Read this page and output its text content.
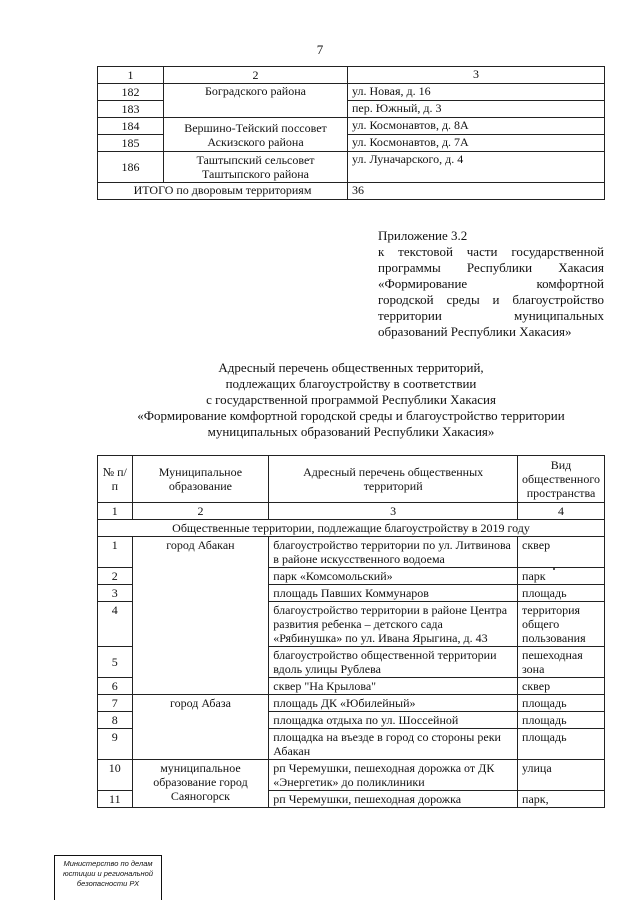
7
1	2	3
182	Боградского района	ул. Новая, д. 16
183		пер. Южный, д. 3
184	Вершино-Тейский поссовет Аскизского района	ул. Космонавтов, д. 8А
185		ул. Космонавтов, д. 7А
186	Таштыпский сельсовет Таштыпского района	ул. Луначарского, д. 4
ИТОГО по дворовым территориям		36
Приложение 3.2
к текстовой части государственной
программы Республики Хакасия
«Формирование комфортной
городской среды и благоустройство
территории муниципальных
образований Республики Хакасия»
Адресный перечень общественных территорий,
подлежащих благоустройству в соответствии
с государственной программой Республики Хакасия
«Формирование комфортной городской среды и благоустройство территории
муниципальных образований Республики Хакасия»
№ п/п	Муниципальное образование	Адресный перечень общественных территорий	Вид общественного пространства
1	2	3	4
Общественные территории, подлежащие благоустройству в 2019 году			
1	город Абакан	благоустройство территории по ул. Литвинова в районе искусственного водоема	сквер
2		парк «Комсомольский»	парк
3		площадь Павших Коммунаров	площадь
4		благоустройство территории в районе Центра развития ребенка – детского сада «Рябинушка» по ул. Ивана Ярыгина, д. 43	территория общего пользования
5		благоустройство общественной территории вдоль улицы Рублева	пешеходная зона
6		сквер "На Крылова"	сквер
7	город Абаза	площадь ДК «Юбилейный»	площадь
8		площадка отдыха по ул. Шоссейной	площадь
9		площадка на въезде в город со стороны реки Абакан	площадь
10	муниципальное образование город Саяногорск	рп Черемушки, пешеходная дорожка от ДК «Энергетик» до поликлиники	улица
11		рп Черемушки, пешеходная дорожка	парк,
Министерство по делам
юстиции и региональной
безопасности РХ
